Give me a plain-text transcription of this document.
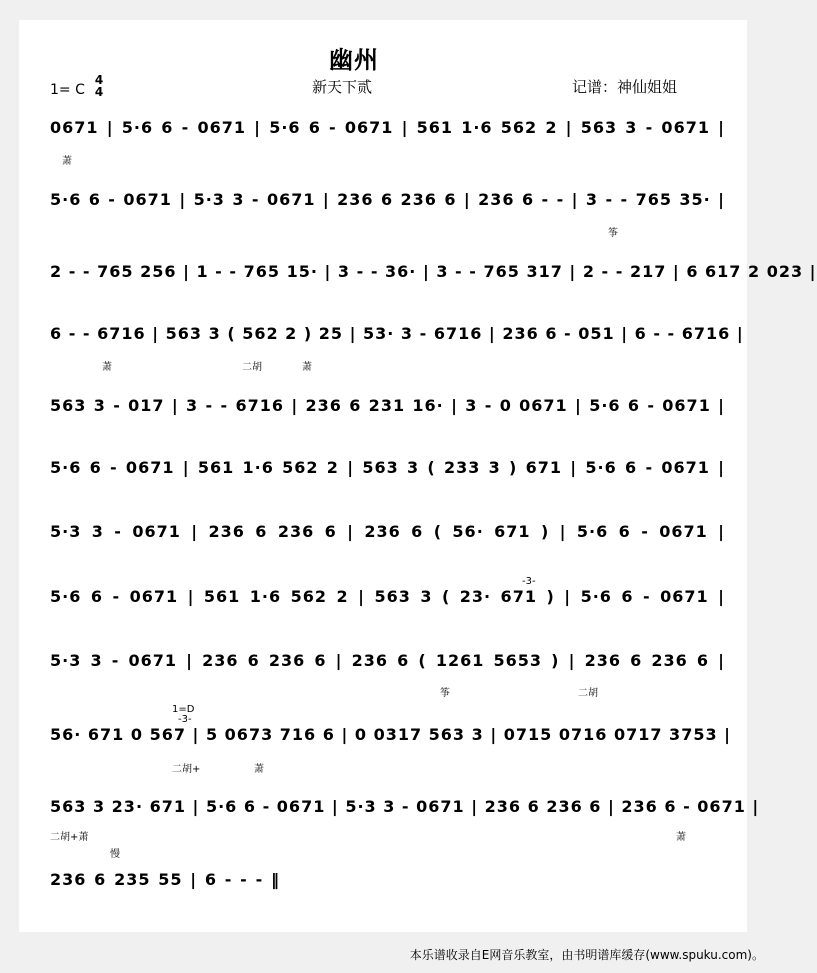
幽州
1= C
4
4	新天下贰	记谱：神仙姐姐
0671 | 5·6 6 - 0671 | 5·6 6 - 0671 | 561 1·6 562 2 | 563 3 - 0671 |
5·6 6 - 0671 | 5·3 3 - 0671 | 236 6 236 6 | 236 6 - - | 3 - - 765 35· |
2 - - 765 256 | 1 - - 765 15· | 3 - - 36· | 3 - - 765 317 | 2 - - 217 | 6 617 2 023 |
6 - - 6716 | 563 3 ( 562 2 ) 25 | 53· 3 - 6716 | 236 6 - 051 | 6 - - 6716 |
563 3 - 017 | 3 - - 6716 | 236 6 231 16· | 3 - 0 0671 | 5·6 6 - 0671 |
5·6 6 - 0671 | 561 1·6 562 2 | 563 3 ( 233 3 ) 671 | 5·6 6 - 0671 |
5·3 3 - 0671 | 236 6 236 6 | 236 6 ( 56· 671 ) | 5·6 6 - 0671 |
5·6 6 - 0671 | 561 1·6 562 2 | 563 3 ( 23· 671 ) | 5·6 6 - 0671 |
5·3 3 - 0671 | 236 6 236 6 | 236 6 ( 1261 5653 ) | 236 6 236 6 |
56· 671 0 567 | 5 0673 716 6 | 0 0317 563 3 | 0715 0716 0717 3753 |
563 3 23· 671 | 5·6 6 - 0671 | 5·3 3 - 0671 | 236 6 236 6 | 236 6 - 0671 |
236 6 235 55 | 6 - - - ‖
萧
筝
萧	二胡	萧
筝	二胡
1=D
-3-
-3-
二胡+	萧
二胡+萧	萧
慢
本乐谱收录自E网音乐教室，由书明谱库缓存(www.spuku.com)。
